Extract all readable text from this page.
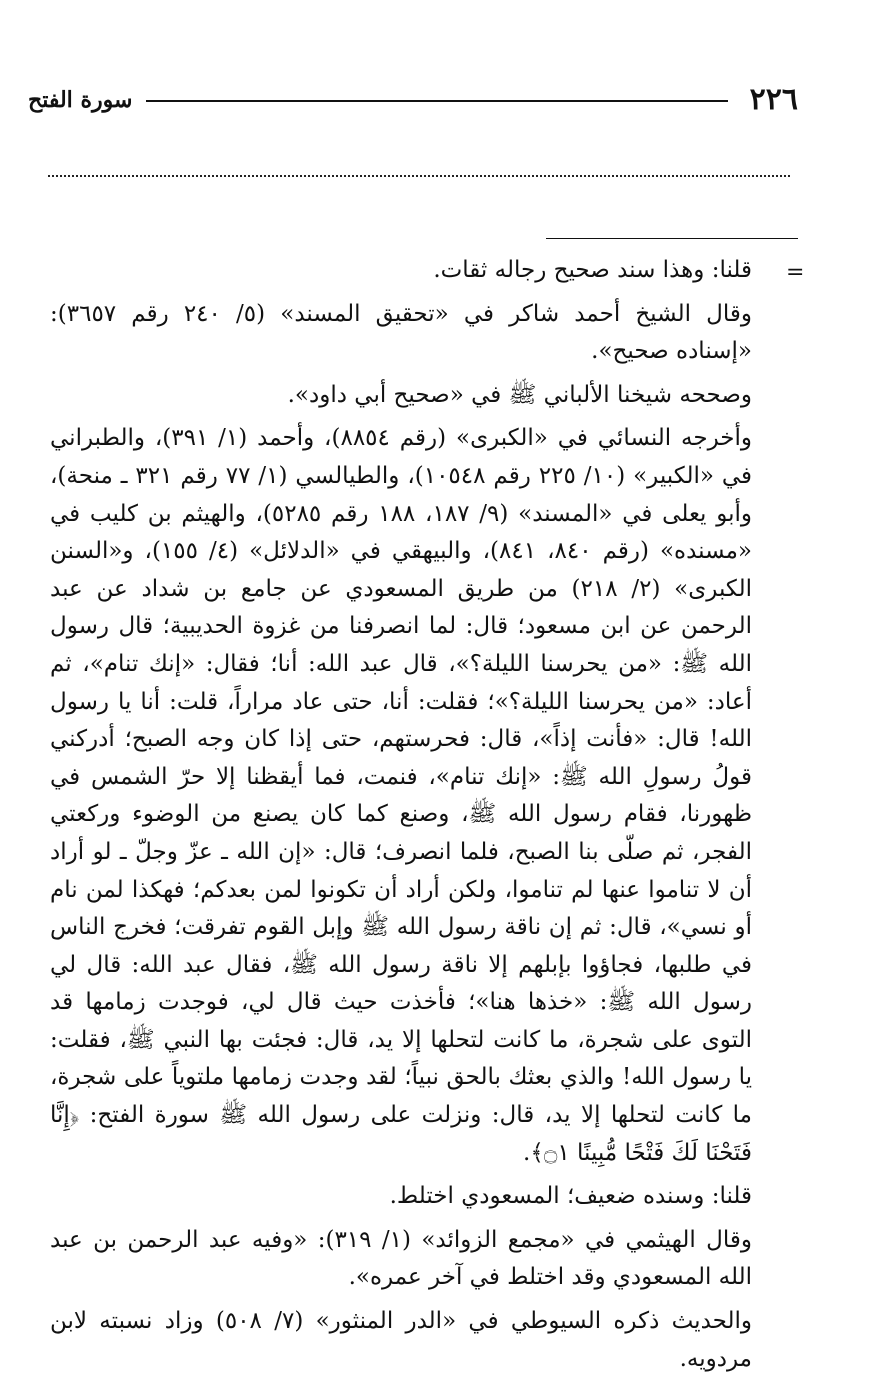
٢٢٦
سورة الفتح
=

قلنا: وهذا سند صحيح رجاله ثقات.

وقال الشيخ أحمد شاكر في «تحقيق المسند» (٥/ ٢٤٠ رقم ٣٦٥٧): «إسناده صحيح».

وصححه شيخنا الألباني ﷺ في «صحيح أبي داود».

وأخرجه النسائي في «الكبرى» (رقم ٨٨٥٤)، وأحمد (١/ ٣٩١)، والطبراني في «الكبير» (١٠/ ٢٢٥ رقم ١٠٥٤٨)، والطيالسي (١/ ٧٧ رقم ٣٢١ ـ منحة)، وأبو يعلى في «المسند» (٩/ ١٨٧، ١٨٨ رقم ٥٢٨٥)، والهيثم بن كليب في «مسنده» (رقم ٨٤٠، ٨٤١)، والبيهقي في «الدلائل» (٤/ ١٥٥)، و«السنن الكبرى» (٢/ ٢١٨) من طريق المسعودي عن جامع بن شداد عن عبد الرحمن عن ابن مسعود؛ قال: لما انصرفنا من غزوة الحديبية؛ قال رسول الله ﷺ: «من يحرسنا الليلة؟»، قال عبد الله: أنا؛ فقال: «إنك تنام»، ثم أعاد: «من يحرسنا الليلة؟»؛ فقلت: أنا، حتى عاد مراراً، قلت: أنا يا رسول الله! قال: «فأنت إذاً»، قال: فحرستهم، حتى إذا كان وجه الصبح؛ أدركني قولُ رسولِ الله ﷺ: «إنك تنام»، فنمت، فما أيقظنا إلا حرّ الشمس في ظهورنا، فقام رسول الله ﷺ، وصنع كما كان يصنع من الوضوء وركعتي الفجر، ثم صلّى بنا الصبح، فلما انصرف؛ قال: «إن الله ـ عزّ وجلّ ـ لو أراد أن لا تناموا عنها لم تناموا، ولكن أراد أن تكونوا لمن بعدكم؛ فهكذا لمن نام أو نسي»، قال: ثم إن ناقة رسول الله ﷺ وإبل القوم تفرقت؛ فخرج الناس في طلبها، فجاؤوا بإبلهم إلا ناقة رسول الله ﷺ، فقال عبد الله: قال لي رسول الله ﷺ: «خذها هنا»؛ فأخذت حيث قال لي، فوجدت زمامها قد التوى على شجرة، ما كانت لتحلها إلا يد، قال: فجئت بها النبي ﷺ، فقلت: يا رسول الله! والذي بعثك بالحق نبياً؛ لقد وجدت زمامها ملتوياً على شجرة، ما كانت لتحلها إلا يد، قال: ونزلت على رسول الله ﷺ سورة الفتح: ﴿إِنَّا فَتَحْنَا لَكَ فَتْحًا مُّبِينًا ۝١﴾.

قلنا: وسنده ضعيف؛ المسعودي اختلط.

وقال الهيثمي في «مجمع الزوائد» (١/ ٣١٩): «وفيه عبد الرحمن بن عبد الله المسعودي وقد اختلط في آخر عمره».

والحديث ذكره السيوطي في «الدر المنثور» (٧/ ٥٠٨) وزاد نسبته لابن مردويه.
